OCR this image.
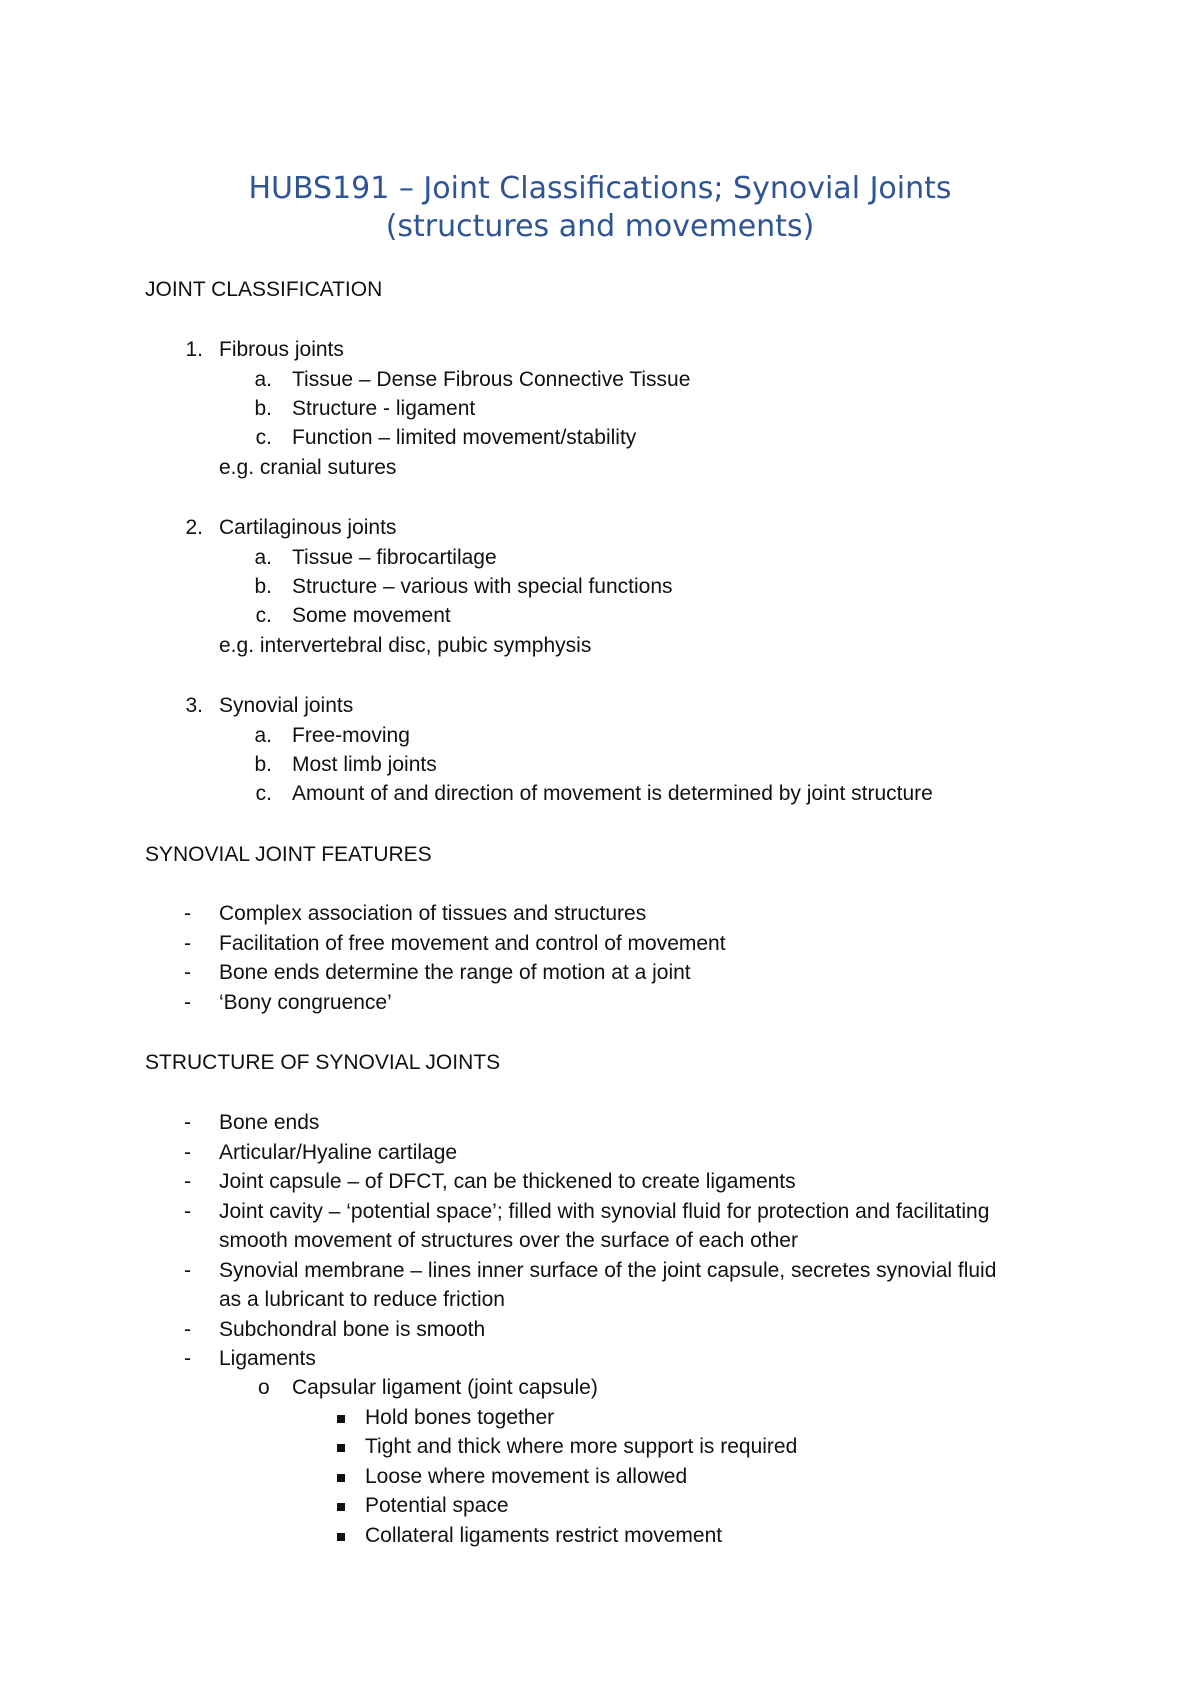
HUBS191 – Joint Classifications; Synovial Joints
(structures and movements)
JOINT CLASSIFICATION
1. Fibrous joints
a. Tissue – Dense Fibrous Connective Tissue
b. Structure - ligament
c. Function – limited movement/stability
e.g. cranial sutures
2. Cartilaginous joints
a. Tissue – fibrocartilage
b. Structure – various with special functions
c. Some movement
e.g. intervertebral disc, pubic symphysis
3. Synovial joints
a. Free-moving
b. Most limb joints
c. Amount of and direction of movement is determined by joint structure
SYNOVIAL JOINT FEATURES
- Complex association of tissues and structures
- Facilitation of free movement and control of movement
- Bone ends determine the range of motion at a joint
- ‘Bony congruence’
STRUCTURE OF SYNOVIAL JOINTS
- Bone ends
- Articular/Hyaline cartilage
- Joint capsule – of DFCT, can be thickened to create ligaments
- Joint cavity – ‘potential space’; filled with synovial fluid for protection and facilitating
smooth movement of structures over the surface of each other
- Synovial membrane – lines inner surface of the joint capsule, secretes synovial fluid
as a lubricant to reduce friction
- Subchondral bone is smooth
- Ligaments
o Capsular ligament (joint capsule)
Hold bones together
Tight and thick where more support is required
Loose where movement is allowed
Potential space
Collateral ligaments restrict movement
